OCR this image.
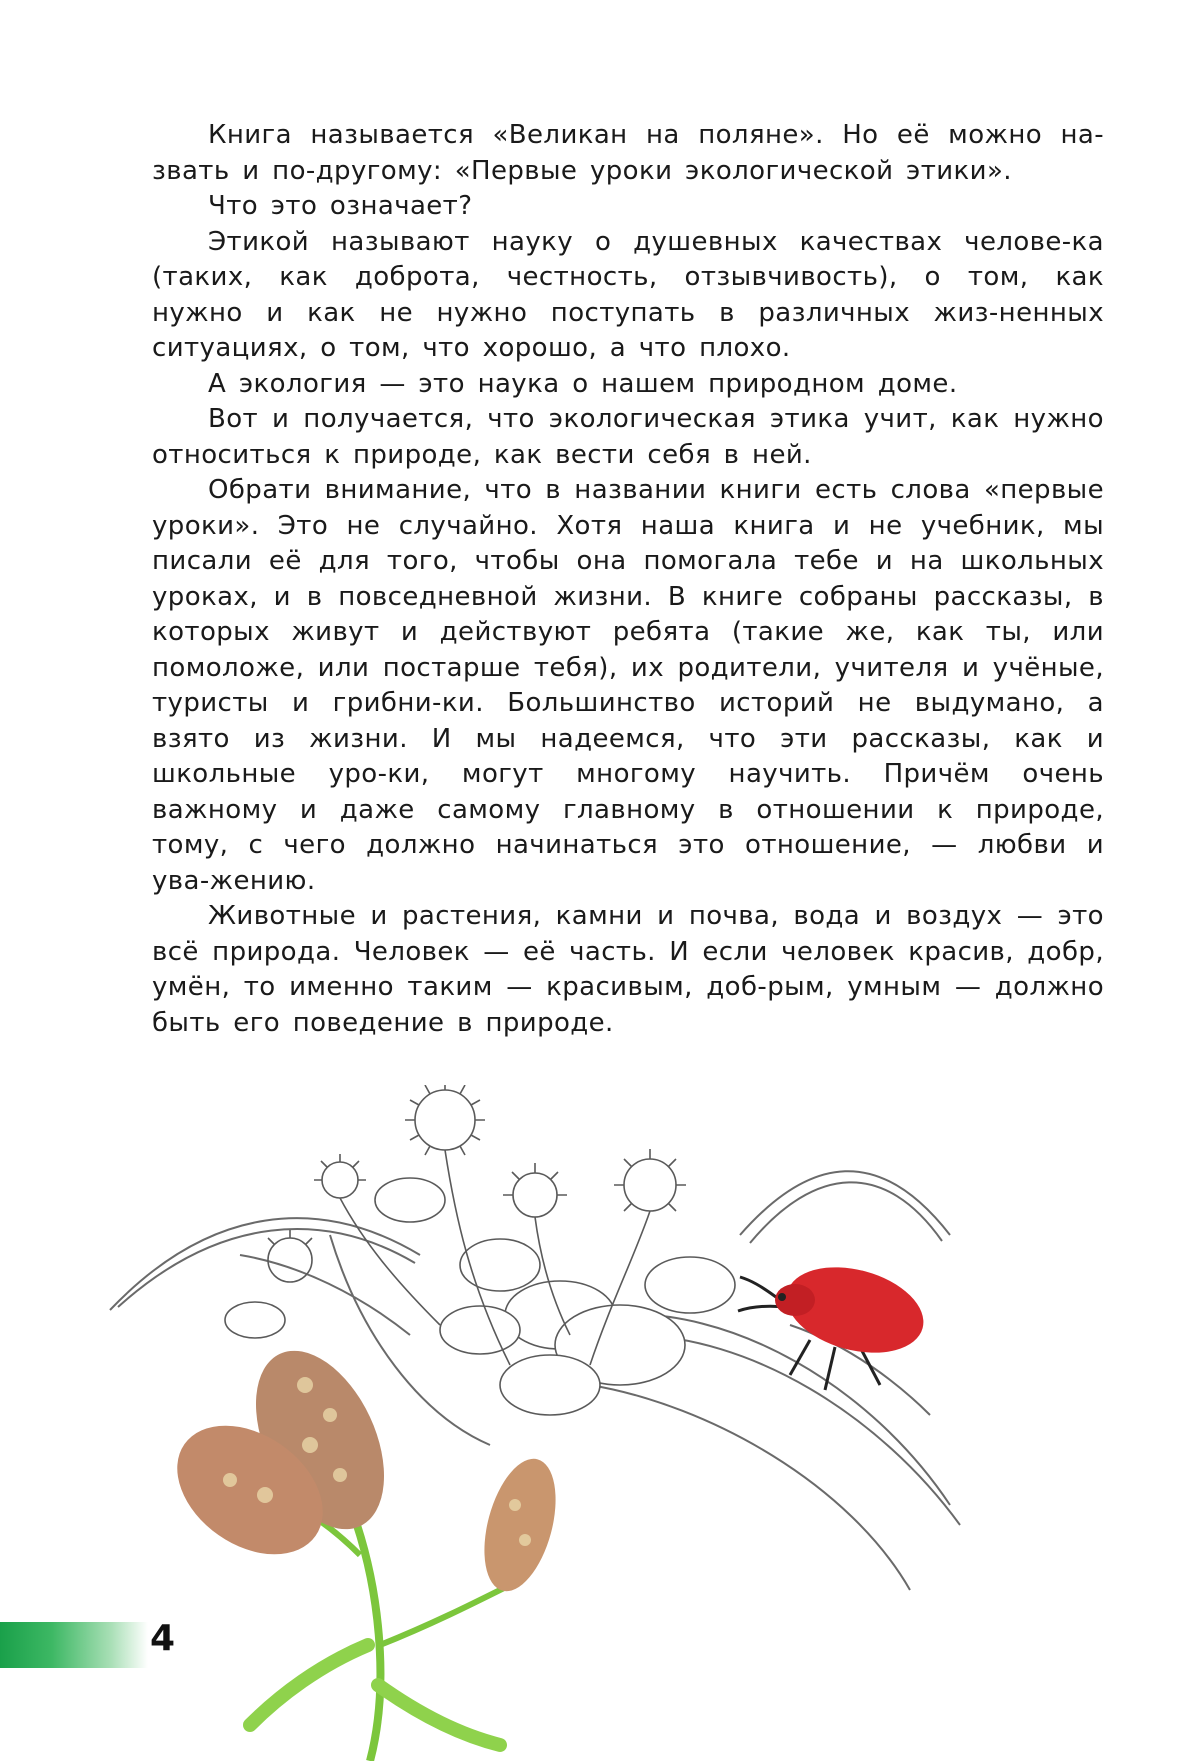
Книга называется «Великан на поляне». Но её можно на- звать и по-другому: «Первые уроки экологической этики».

Что это означает?

Этикой называют науку о душевных качествах челове-ка (таких, как доброта, честность, отзывчивость), о том, как нужно и как не нужно поступать в различных жиз-ненных ситуациях, о том, что хорошо, а что плохо.

А экология — это наука о нашем природном доме.

Вот и получается, что экологическая этика учит, как нужно относиться к природе, как вести себя в ней.

Обрати внимание, что в названии книги есть слова «первые уроки». Это не случайно. Хотя наша книга и не учебник, мы писали её для того, чтобы она помогала тебе и на школьных уроках, и в повседневной жизни. В книге собраны рассказы, в которых живут и действуют ребята (такие же, как ты, или помоложе, или постарше тебя), их родители, учителя и учёные, туристы и грибни-ки. Большинство историй не выдумано, а взято из жизни. И мы надеемся, что эти рассказы, как и школьные уро-ки, могут многому научить. Причём очень важному и даже самому главному в отношении к природе, тому, с чего должно начинаться это отношение, — любви и ува-жению.

Животные и растения, камни и почва, вода и воздух — это всё природа. Человек — её часть. И если человек красив, добр, умён, то именно таким — красивым, доб-рым, умным — должно быть его поведение в природе.

4
